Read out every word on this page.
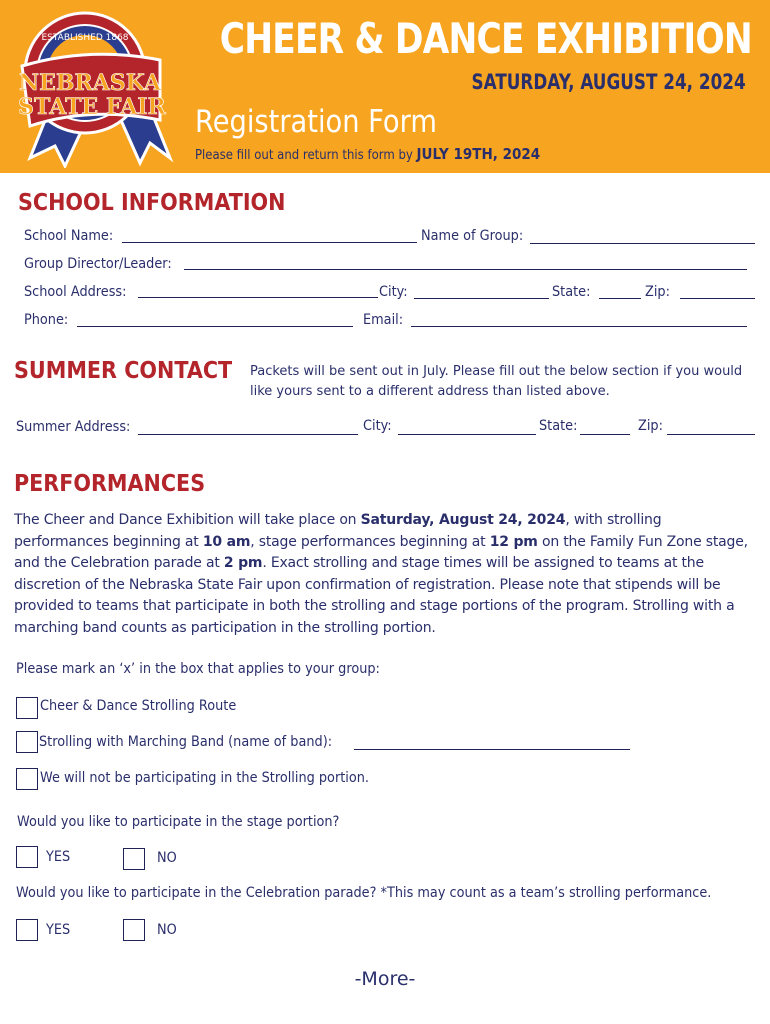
ESTABLISHED 1868
NEBRASKA
STATE FAIR
CHEER & DANCE EXHIBITION
SATURDAY, AUGUST 24, 2024
Registration Form
Please fill out and return this form by JULY 19TH, 2024
SCHOOL INFORMATION
School Name:	Name of Group:
Group Director/Leader:
School Address:	City:	State:	Zip:
Phone:	Email:
SUMMER CONTACT Packets will be sent out in July. Please fill out the below section if you would like yours sent to a different address than listed above.
Summer Address:	City:	State:	Zip:
PERFORMANCES
The Cheer and Dance Exhibition will take place on Saturday, August 24, 2024, with strolling performances beginning at 10 am, stage performances beginning at 12 pm on the Family Fun Zone stage, and the Celebration parade at 2 pm. Exact strolling and stage times will be assigned to teams at the discretion of the Nebraska State Fair upon confirmation of registration. Please note that stipends will be provided to teams that participate in both the strolling and stage portions of the program. Strolling with a marching band counts as participation in the strolling portion.
Please mark an ‘x’ in the box that applies to your group:
Cheer & Dance Strolling Route
Strolling with Marching Band (name of band):
We will not be participating in the Strolling portion.
Would you like to participate in the stage portion?
YES	NO
Would you like to participate in the Celebration parade? *This may count as a team’s strolling performance.
YES	NO
-More-
